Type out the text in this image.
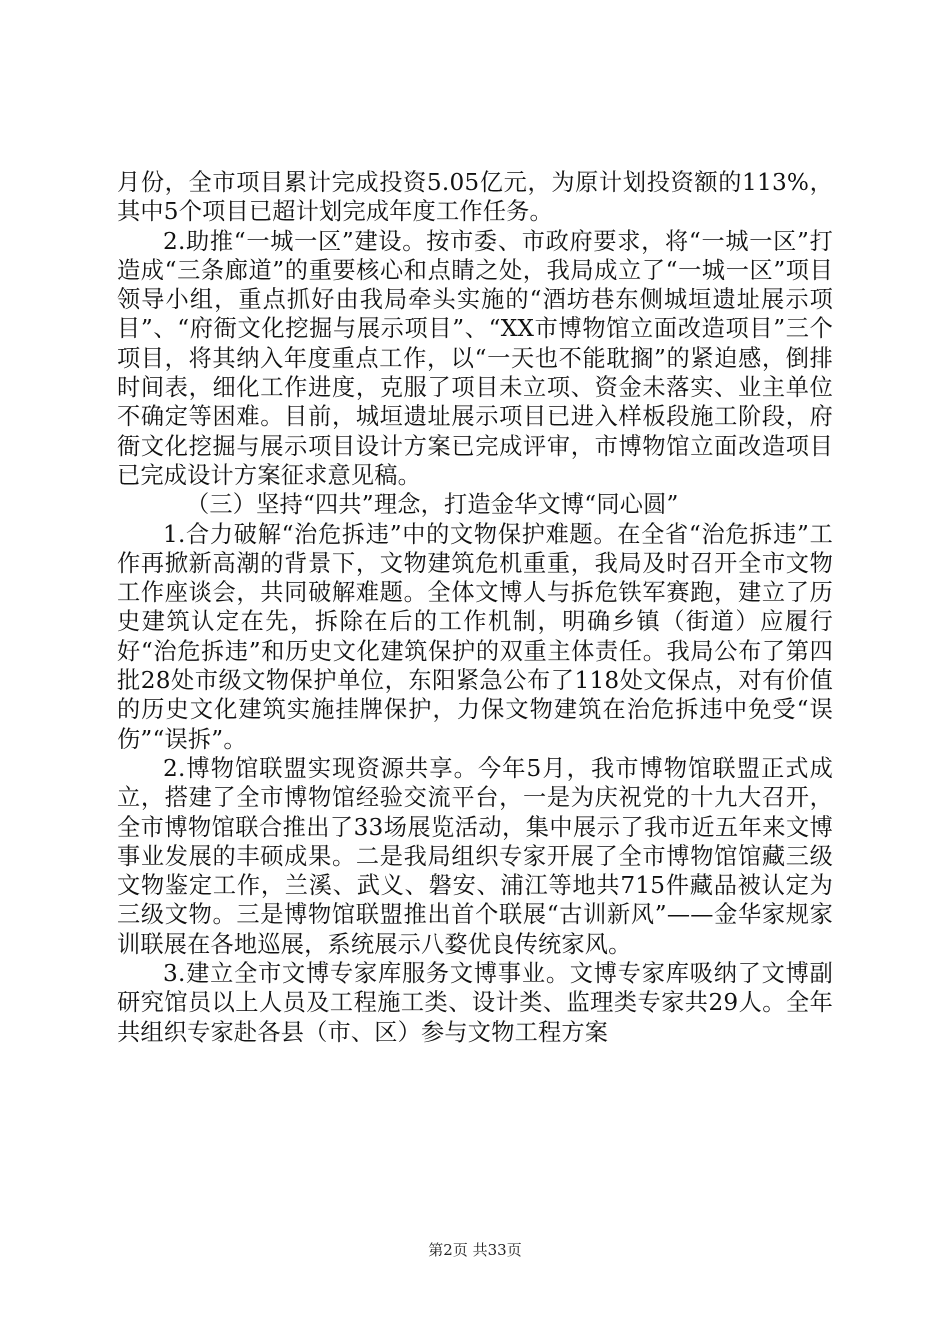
月份，全市项目累计完成投资5.05亿元，为原计划投资额的113%，其中5个项目已超计划完成年度工作任务。

2.助推“一城一区”建设。按市委、市政府要求，将“一城一区”打造成“三条廊道”的重要核心和点睛之处，我局成立了“一城一区”项目领导小组，重点抓好由我局牵头实施的“酒坊巷东侧城垣遗址展示项目”、“府衙文化挖掘与展示项目”、“XX市博物馆立面改造项目”三个项目，将其纳入年度重点工作，以“一天也不能耽搁”的紧迫感，倒排时间表，细化工作进度，克服了项目未立项、资金未落实、业主单位不确定等困难。目前，城垣遗址展示项目已进入样板段施工阶段，府衙文化挖掘与展示项目设计方案已完成评审，市博物馆立面改造项目已完成设计方案征求意见稿。

（三）坚持“四共”理念，打造金华文博“同心圆”

1.合力破解“治危拆违”中的文物保护难题。在全省“治危拆违”工作再掀新高潮的背景下，文物建筑危机重重，我局及时召开全市文物工作座谈会，共同破解难题。全体文博人与拆危铁军赛跑，建立了历史建筑认定在先，拆除在后的工作机制，明确乡镇（街道）应履行好“治危拆违”和历史文化建筑保护的双重主体责任。我局公布了第四批28处市级文物保护单位，东阳紧急公布了118处文保点，对有价值的历史文化建筑实施挂牌保护，力保文物建筑在治危拆违中免受“误伤”“误拆”。

2.博物馆联盟实现资源共享。今年5月，我市博物馆联盟正式成立，搭建了全市博物馆经验交流平台，一是为庆祝党的十九大召开，全市博物馆联合推出了33场展览活动，集中展示了我市近五年来文博事业发展的丰硕成果。二是我局组织专家开展了全市博物馆馆藏三级文物鉴定工作，兰溪、武义、磐安、浦江等地共715件藏品被认定为三级文物。三是博物馆联盟推出首个联展“古训新风”——金华家规家训联展在各地巡展，系统展示八婺优良传统家风。

3.建立全市文博专家库服务文博事业。文博专家库吸纳了文博副研究馆员以上人员及工程施工类、设计类、监理类专家共29人。全年共组织专家赴各县（市、区）参与文物工程方案

第2页 共33页
